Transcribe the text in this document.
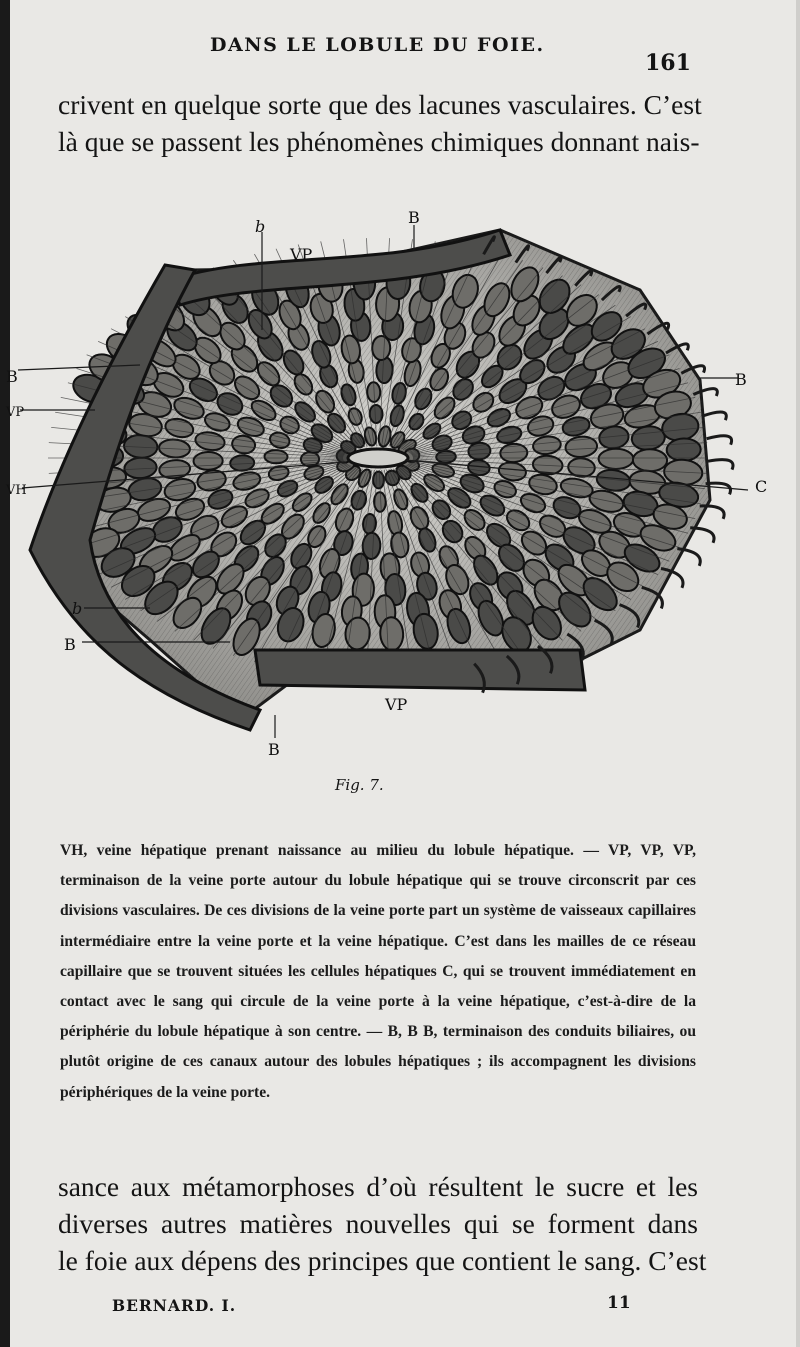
DANS LE LOBULE DU FOIE.
161
crivent en quelque sorte que des lacunes vasculaires. C’est
là que se passent les phénomènes chimiques donnant nais-
b	B
VP
B
VP
VH
b
B
VP
B
B
C
Fig. 7.
VH, veine hépatique prenant naissance au milieu du lobule hépatique. — VP, VP, VP, terminaison de la veine porte autour du lobule hépatique qui se trouve circonscrit par ces divisions vasculaires. De ces divisions de la veine porte part un système de vaisseaux capillaires intermédiaire entre la veine porte et la veine hépatique. C’est dans les mailles de ce réseau capillaire que se trouvent situées les cellules hépatiques C, qui se trouvent immédiatement en contact avec le sang qui circule de la veine porte à la veine hépatique, c’est-à-dire de la périphérie du lobule hépatique à son centre. — B, B B, terminaison des conduits biliaires, ou plutôt origine de ces canaux autour des lobules hépatiques ; ils accompagnent les divisions périphériques de la veine porte.
sance aux métamorphoses d’où résultent le sucre et les
diverses autres matières nouvelles qui se forment dans
le foie aux dépens des principes que contient le sang. C’est
BERNARD. I.	11
